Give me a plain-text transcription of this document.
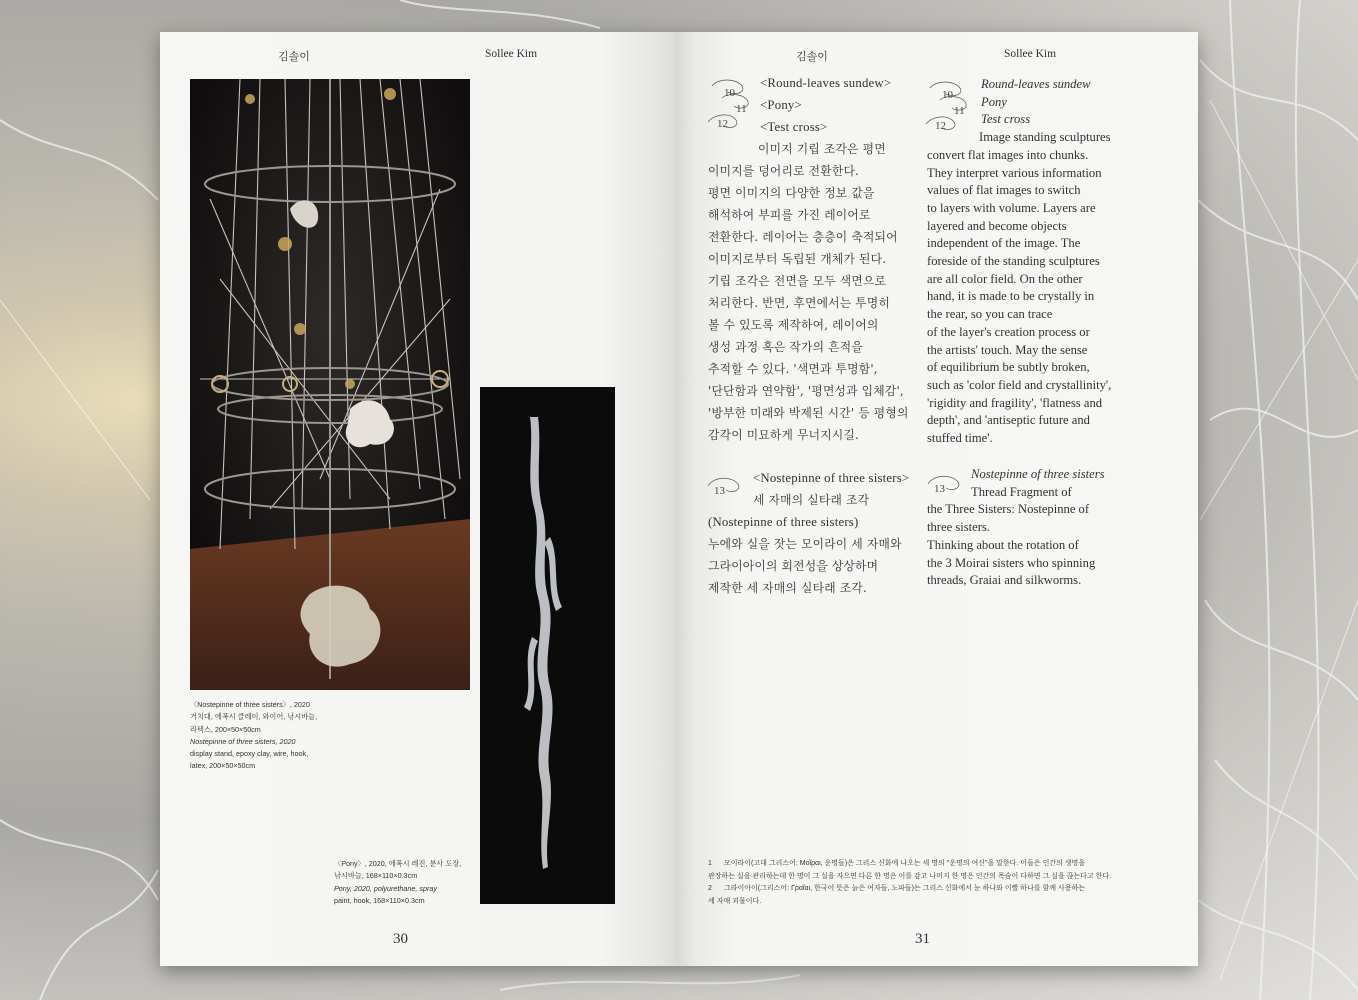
김솔이	Sollee Kim
〈Nostepinne of three sisters〉, 2020
거치대, 에폭시 클레이, 와이어, 낚시바늘,
라텍스, 200×50×50cm
Nostepinne of three sisters, 2020
display stand, epoxy clay, wire, hook,
latex, 200×50×50cm
〈Pony〉, 2020, 에폭시 레진, 분사 도장,
낚시바늘, 168×110×0.3cm
Pony, 2020, polyurethane, spray
paint, hook, 168×110×0.3cm
30
김솔이	Sollee Kim
10
11
12
10
11
12
13	13
<Round-leaves sundew>
<Pony>
<Test cross>
이미지 기립 조각은 평면
이미지를 덩어리로 전환한다.
평면 이미지의 다양한 정보 값을
해석하여 부피를 가진 레이어로
전환한다. 레이어는 층층이 축적되어
이미지로부터 독립된 개체가 된다.
기립 조각은 전면을 모두 색면으로
처리한다. 반면, 후면에서는 투명히
볼 수 있도록 제작하여, 레이어의
생성 과정 혹은 작가의 흔적을
추적할 수 있다. '색면과 투명함',
'단단함과 연약함', '평면성과 입체감',
'방부한 미래와 박제된 시간' 등 평형의
감각이 미묘하게 무너지시길.
<Nostepinne of three sisters>
세 자매의 실타래 조각
(Nostepinne of three sisters)
누에와 실을 잣는 모이라이 세 자매와
그라이아이의 회전성을 상상하며
제작한 세 자매의 실타래 조각.
Round-leaves sundew
Pony
Test cross
Image standing sculptures
convert flat images into chunks.
They interpret various information
values of flat images to switch
to layers with volume. Layers are
layered and become objects
independent of the image. The
foreside of the standing sculptures
are all color field. On the other
hand, it is made to be crystally in
the rear, so you can trace
of the layer's creation process or
the artists' touch. May the sense
of equilibrium be subtly broken,
such as 'color field and crystallinity',
'rigidity and fragility', 'flatness and
depth', and 'antiseptic future and
stuffed time'.
Nostepinne of three sisters
Thread Fragment of
the Three Sisters: Nostepinne of
three sisters.
Thinking about the rotation of
the 3 Moirai sisters who spinning
threads, Graiai and silkworms.
1	모이라이(고대 그리스어: Μοῖραι, 운명들)은 그리스 신화에 나오는 세 명의 "운명의 여신"을 말한다. 이들은 인간의 생명을
관장하는 실을 관리하는데 한 명이 그 실을 자으면 다른 한 명은 이를 감고 나머지 한 명은 인간의 목숨이 다하면 그 실을 끊는다고 한다.
2	그라이아이(그리스어: Γραῖαι, 한국어 뜻은 늙은 여자들, 노파들)는 그리스 신화에서 눈 하나와 이빨 하나를 함께 사용하는
세 자매 괴물이다.
31
